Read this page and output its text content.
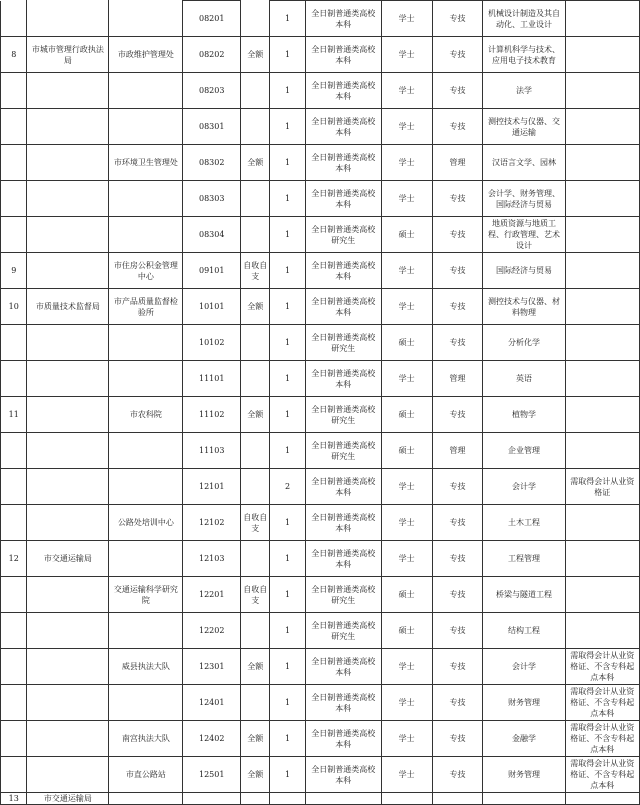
			08201		1	全日制普通类高校本科	学士	专技	机械设计制造及其自动化、工业设计	
8	市城市管理行政执法局	市政维护管理处	08202	全额	1	全日制普通类高校本科	学士	专技	计算机科学与技术、应用电子技术教育	
			08203		1	全日制普通类高校本科	学士	专技	法学	
			08301		1	全日制普通类高校本科	学士	专技	测控技术与仪器、交通运输	
		市环境卫生管理处	08302	全额	1	全日制普通类高校本科	学士	管理	汉语言文学、园林	
			08303		1	全日制普通类高校本科	学士	专技	会计学、财务管理、国际经济与贸易	
			08304		1	全日制普通类高校研究生	硕士	专技	地质资源与地质工程、行政管理、艺术设计	
9		市住房公积金管理中心	09101	自收自支	1	全日制普通类高校本科	学士	专技	国际经济与贸易	
10	市质量技术监督局	市产品质量监督检验所	10101	全额	1	全日制普通类高校本科	学士	专技	测控技术与仪器、材料物理	
			10102		1	全日制普通类高校研究生	硕士	专技	分析化学	
			11101		1	全日制普通类高校本科	学士	管理	英语	
11		市农科院	11102	全额	1	全日制普通类高校研究生	硕士	专技	植物学	
			11103		1	全日制普通类高校研究生	硕士	管理	企业管理	
			12101		2	全日制普通类高校本科	学士	专技	会计学	需取得会计从业资格证
		公路处培训中心	12102	自收自支	1	全日制普通类高校本科	学士	专技	土木工程	
12	市交通运输局		12103		1	全日制普通类高校本科	学士	专技	工程管理	
		交通运输科学研究院	12201	自收自支	1	全日制普通类高校研究生	硕士	专技	桥梁与隧道工程	
			12202		1	全日制普通类高校研究生	硕士	专技	结构工程	
		威县执法大队	12301	全额	1	全日制普通类高校本科	学士	专技	会计学	需取得会计从业资格证、不含专科起点本科
			12401		1	全日制普通类高校本科	学士	专技	财务管理	需取得会计从业资格证、不含专科起点本科
		南宫执法大队	12402	全额	1	全日制普通类高校本科	学士	专技	金融学	需取得会计从业资格证、不含专科起点本科
		市直公路站	12501	全额	1	全日制普通类高校本科	学士	专技	财务管理	需取得会计从业资格证、不含专科起点本科
13	市交通运输局									
